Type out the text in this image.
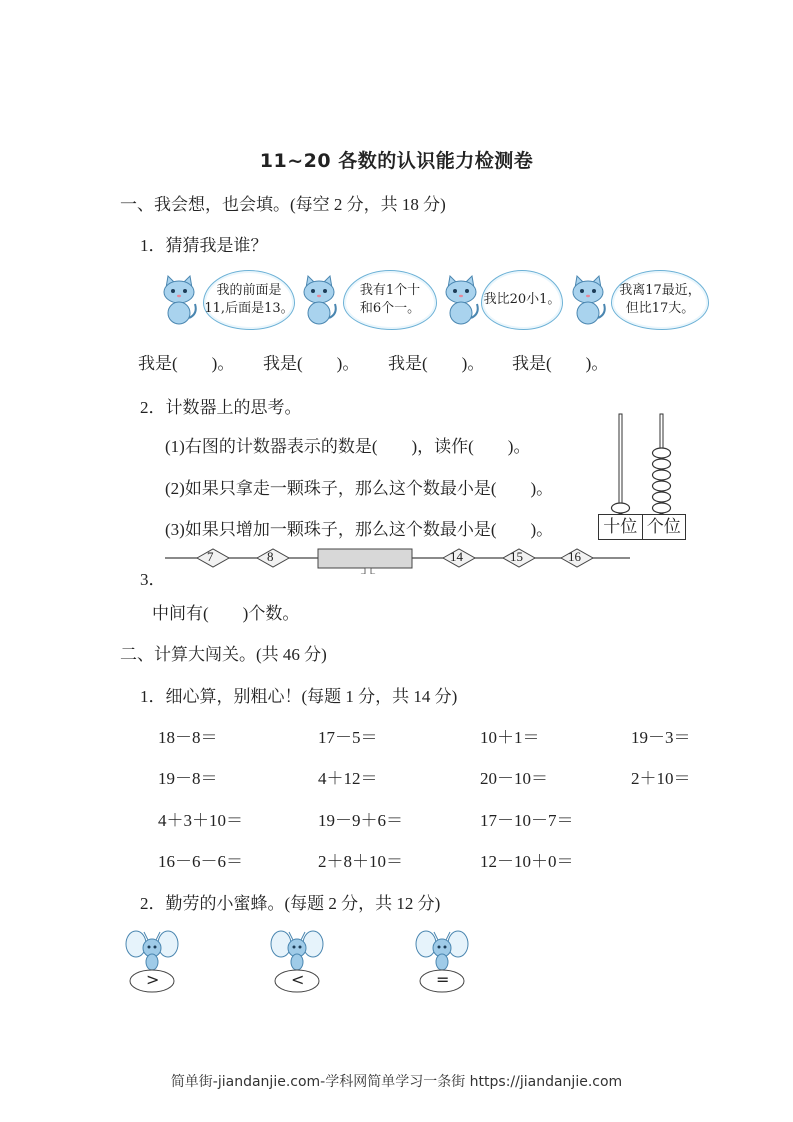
11~20 各数的认识能力检测卷
一、我会想，也会填。(每空 2 分，共 18 分)
1．猜猜我是谁？
我的前面是
11,后面是13。
我有1个十
和6个一。
我比20小1。
我离17最近，
但比17大。
我是(　　)。 我是(　　)。 我是(　　)。 我是(　　)。
2．计数器上的思考。
(1)右图的计数器表示的数是(　　)，读作(　　)。
(2)如果只拿走一颗珠子，那么这个数最小是(　　)。
(3)如果只增加一颗珠子，那么这个数最小是(　　)。	十位 个位
7	8	14	15	16
3．
中间有(　　)个数。
二、计算大闯关。(共 46 分)
1．细心算，别粗心！(每题 1 分，共 14 分)
18－8＝	17－5＝	10＋1＝	19－3＝
19－8＝	4＋12＝	20－10＝	2＋10＝
4＋3＋10＝	19－9＋6＝	17－10－7＝
16－6－6＝	2＋8＋10＝	12－10＋0＝
2．勤劳的小蜜蜂。(每题 2 分，共 12 分)
>	<	=
简单街-jiandanjie.com-学科网简单学习一条街 https://jiandanjie.com
